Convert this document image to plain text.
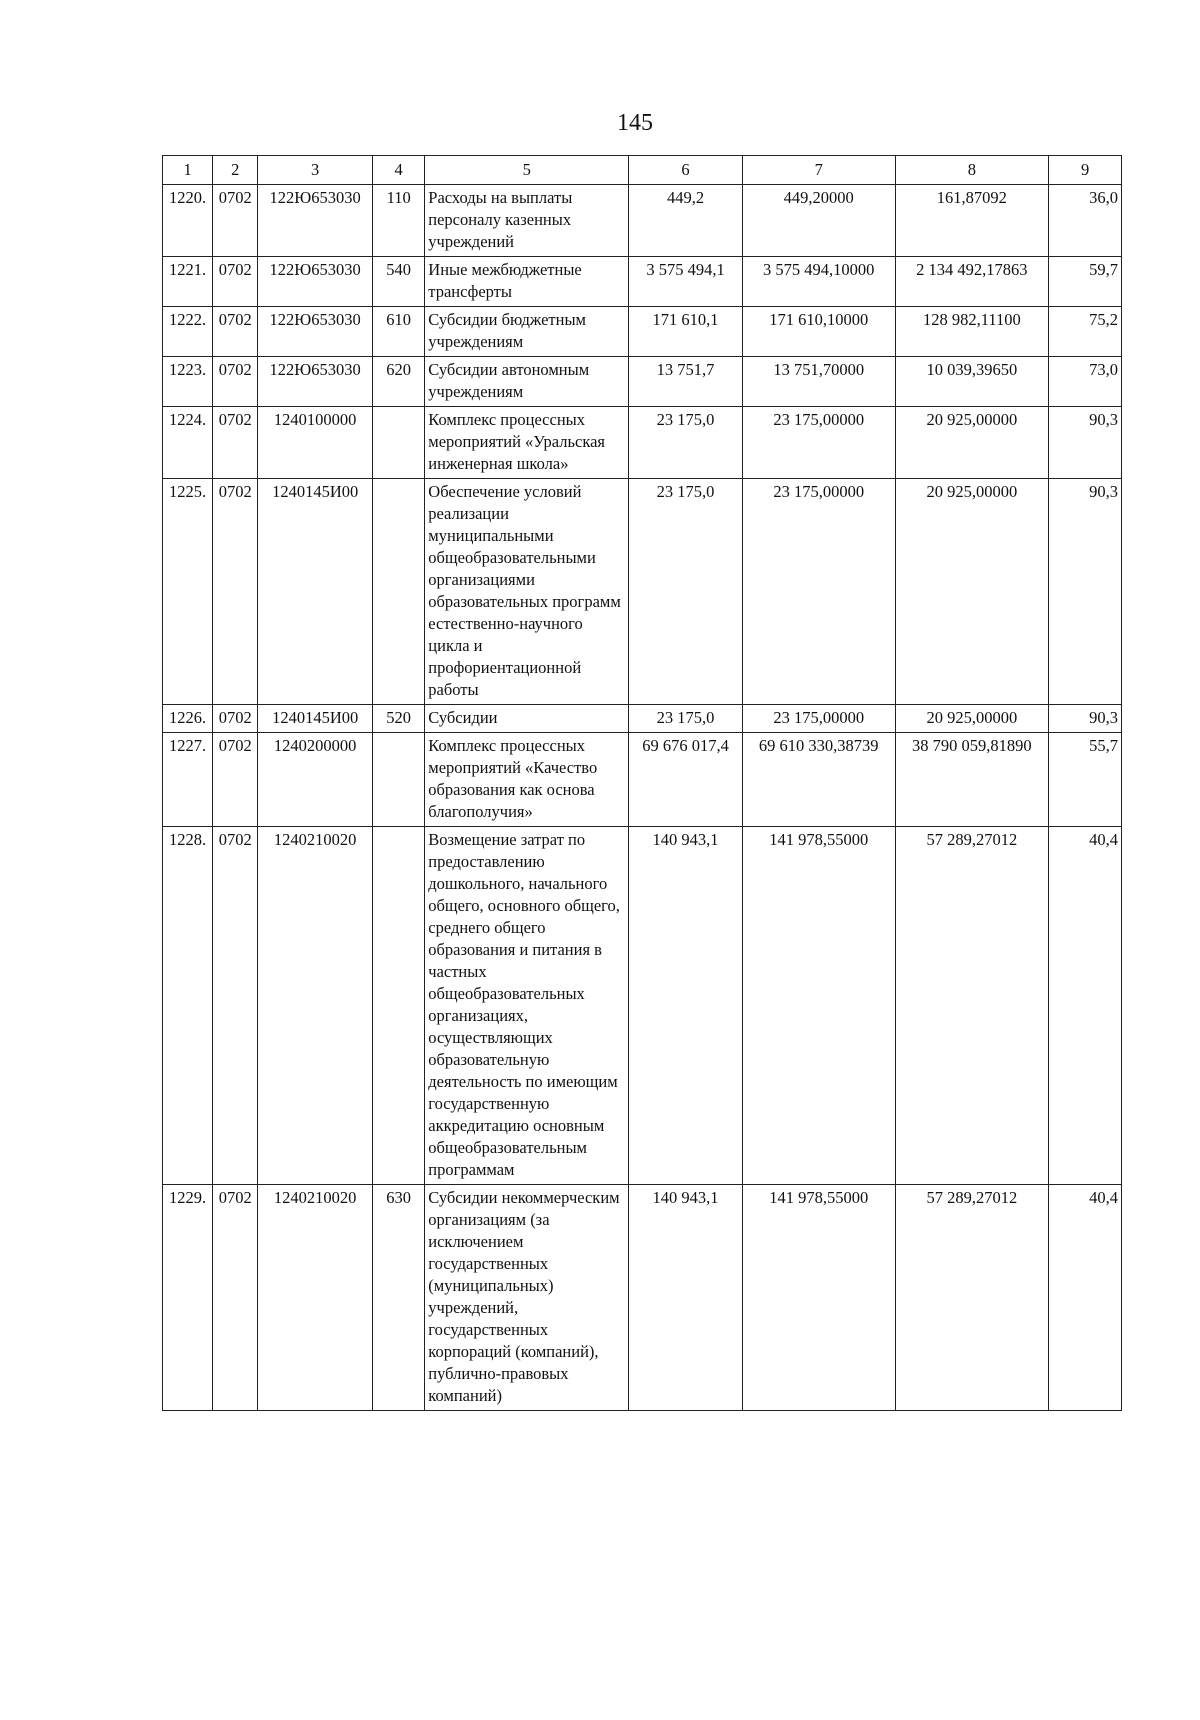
145
1	2	3	4	5	6	7	8	9
1220.	0702	122Ю653030	110	Расходы на выплаты персоналу казенных учреждений	449,2	449,20000	161,87092	36,0
1221.	0702	122Ю653030	540	Иные межбюджетные трансферты	3 575 494,1	3 575 494,10000	2 134 492,17863	59,7
1222.	0702	122Ю653030	610	Субсидии бюджетным учреждениям	171 610,1	171 610,10000	128 982,11100	75,2
1223.	0702	122Ю653030	620	Субсидии автономным учреждениям	13 751,7	13 751,70000	10 039,39650	73,0
1224.	0702	1240100000		Комплекс процессных мероприятий «Уральская инженерная школа»	23 175,0	23 175,00000	20 925,00000	90,3
1225.	0702	1240145И00		Обеспечение условий реализации муниципальными общеобразовательными организациями образовательных программ естественно-научного цикла и профориентационной работы	23 175,0	23 175,00000	20 925,00000	90,3
1226.	0702	1240145И00	520	Субсидии	23 175,0	23 175,00000	20 925,00000	90,3
1227.	0702	1240200000		Комплекс процессных мероприятий «Качество образования как основа благополучия»	69 676 017,4	69 610 330,38739	38 790 059,81890	55,7
1228.	0702	1240210020		Возмещение затрат по предоставлению дошкольного, начального общего, основного общего, среднего общего образования и питания в частных общеобразовательных организациях, осуществляющих образовательную деятельность по имеющим государственную аккредитацию основным общеобразовательным программам	140 943,1	141 978,55000	57 289,27012	40,4
1229.	0702	1240210020	630	Субсидии некоммерческим организациям (за исключением государственных (муниципальных) учреждений, государственных корпораций (компаний), публично-правовых компаний)	140 943,1	141 978,55000	57 289,27012	40,4
